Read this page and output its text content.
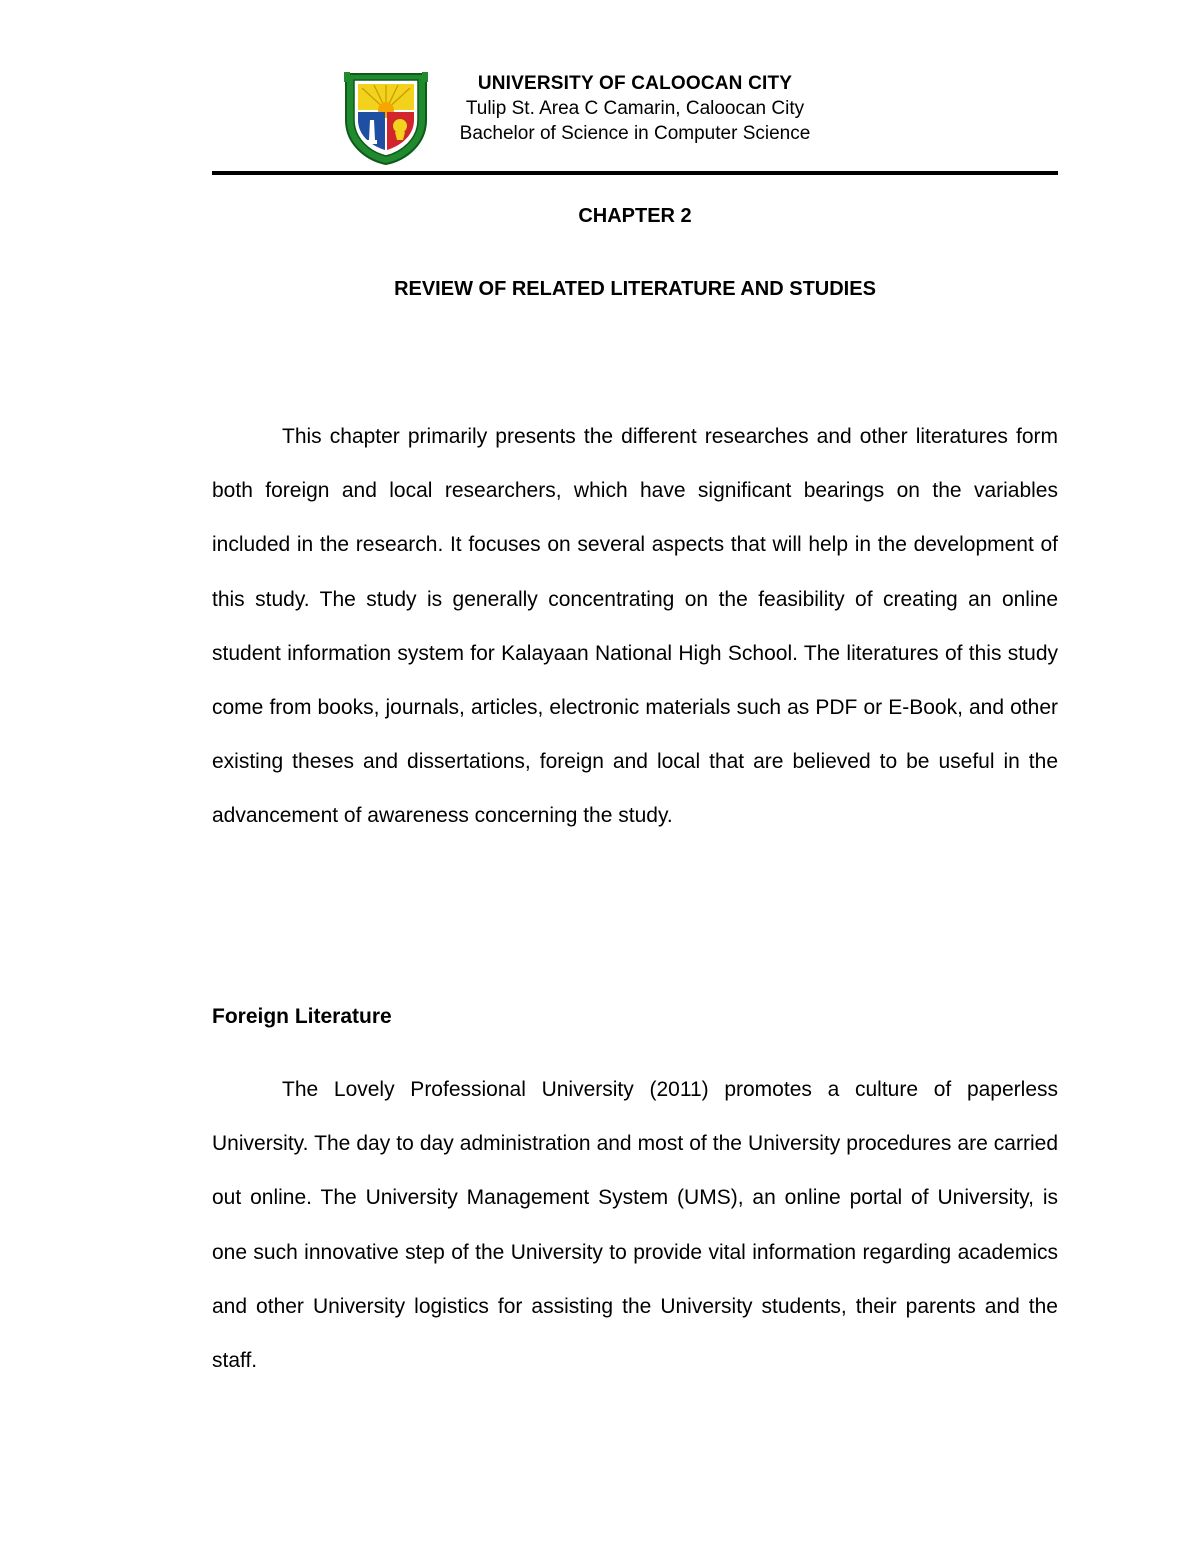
UNIVERSITY OF CALOOCAN CITY
Tulip St. Area C Camarin, Caloocan City
Bachelor of Science in Computer Science
CHAPTER 2
REVIEW OF RELATED LITERATURE AND STUDIES

This chapter primarily presents the different researches and other literatures form both foreign and local researchers, which have significant bearings on the variables included in the research. It focuses on several aspects that will help in the development of this study. The study is generally concentrating on the feasibility of creating an online student information system for Kalayaan National High School. The literatures of this study come from books, journals, articles, electronic materials such as PDF or E-Book, and other existing theses and dissertations, foreign and local that are believed to be useful in the advancement of awareness concerning the study.

Foreign Literature

The Lovely Professional University (2011) promotes a culture of paperless University. The day to day administration and most of the University procedures are carried out online. The University Management System (UMS), an online portal of University, is one such innovative step of the University to provide vital information regarding academics and other University logistics for assisting the University students, their parents and the staff.
